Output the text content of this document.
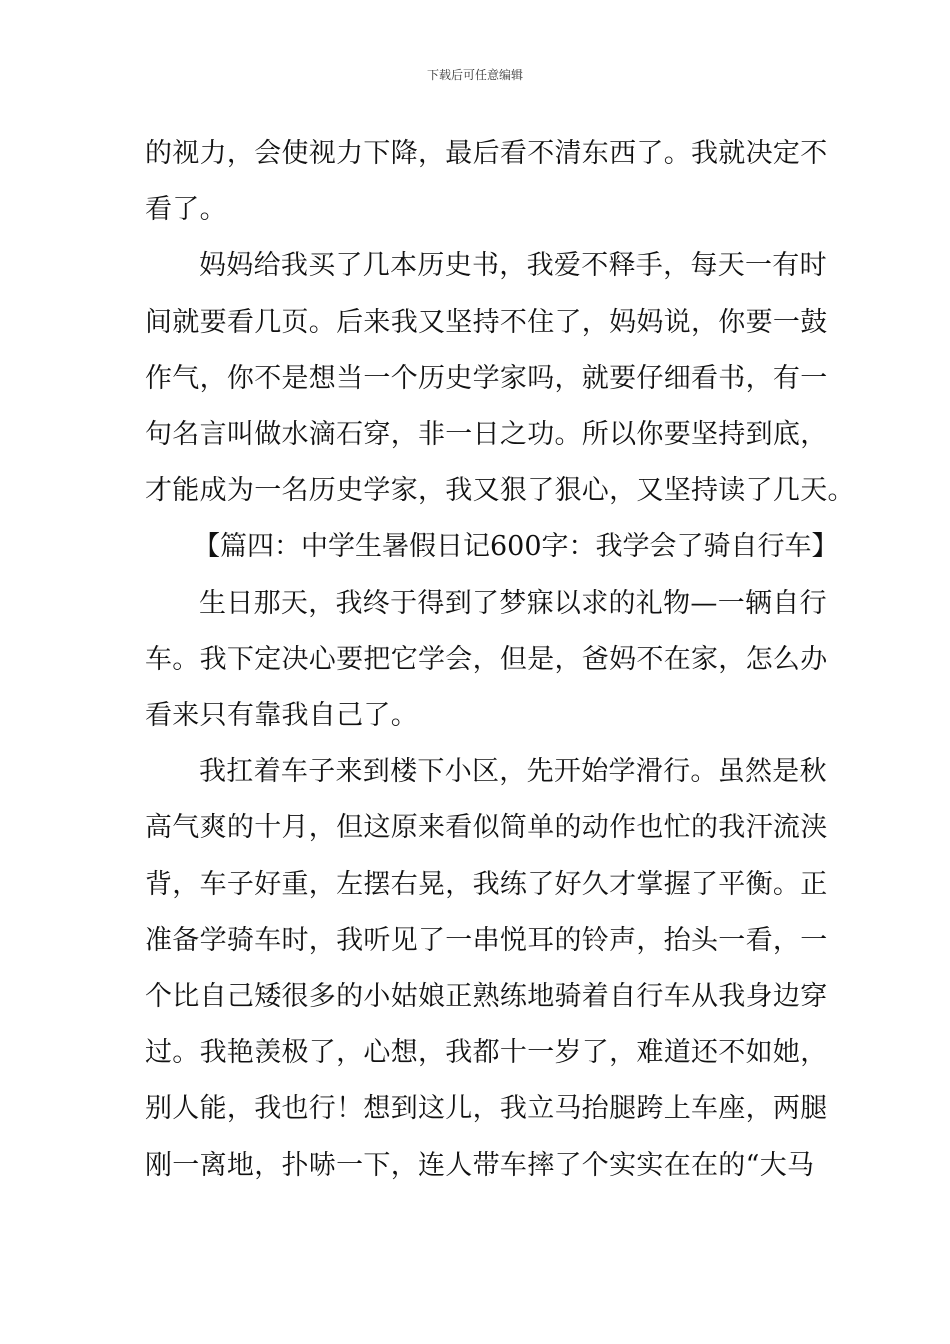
下载后可任意编辑

的视力，会使视力下降，最后看不清东西了。我就决定不
看了。

妈妈给我买了几本历史书，我爱不释手，每天一有时
间就要看几页。后来我又坚持不住了，妈妈说，你要一鼓
作气，你不是想当一个历史学家吗，就要仔细看书，有一
句名言叫做水滴石穿，非一日之功。所以你要坚持到底，
才能成为一名历史学家，我又狠了狠心，又坚持读了几天。

【篇四：中学生暑假日记600字：我学会了骑自行车】

生日那天，我终于得到了梦寐以求的礼物—一辆自行
车。我下定决心要把它学会，但是，爸妈不在家，怎么办
看来只有靠我自己了。

我扛着车子来到楼下小区，先开始学滑行。虽然是秋
高气爽的十月，但这原来看似简单的动作也忙的我汗流浃
背，车子好重，左摆右晃，我练了好久才掌握了平衡。正
准备学骑车时，我听见了一串悦耳的铃声，抬头一看，一
个比自己矮很多的小姑娘正熟练地骑着自行车从我身边穿
过。我艳羡极了，心想，我都十一岁了，难道还不如她，
别人能，我也行！想到这儿，我立马抬腿跨上车座，两腿
刚一离地，扑哧一下，连人带车摔了个实实在在的“大马
